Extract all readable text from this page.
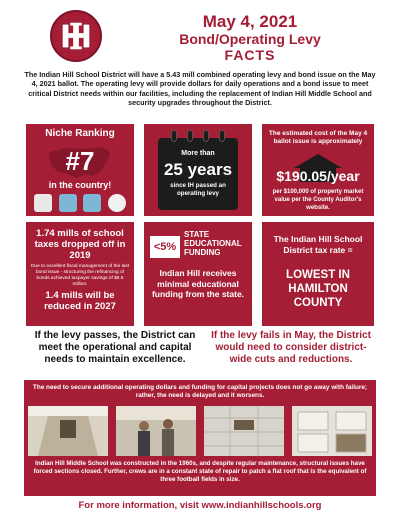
May 4, 2021
Bond/Operating Levy
FACTS
The Indian Hill School District will have a 5.43 mill combined operating levy and bond issue on the May 4, 2021 ballot. The operating levy will provide dollars for daily operations and a bond issue to meet critical District needs within our facilities, including the replacement of Indian Hill Middle School and security upgrades throughout the District.
Niche Ranking
#7
in the country!
More than
25 years
since IH passed an operating levy
The estimated cost of the May 4 ballot issue is approximately
$190.05/year
per $100,000 of property market value per the County Auditor's website.
1.74 mills of school taxes dropped off in 2019
Due to excellent fiscal management of the last bond issue - structuring the refinancing of bonds achieved taxpayer savings of $8.5 million.
1.4 mills will be reduced in 2027
<5%
STATE EDUCATIONAL FUNDING
Indian Hill receives minimal educational funding from the state.
The Indian Hill School District tax rate =
LOWEST IN HAMILTON COUNTY
If the levy passes, the District can meet the operational and capital needs to maintain excellence.
If the levy fails in May, the District would need to consider district-wide cuts and reductions.
The need to secure additional operating dollars and funding for capital projects does not go away with failure; rather, the need is delayed and it worsens.
Indian Hill Middle School was constructed in the 1960s, and despite regular maintenance, structural issues have forced sections closed. Further, crews are in a constant state of repair to patch a flat roof that is the equivalent of three football fields in size.
For more information, visit www.indianhillschools.org
